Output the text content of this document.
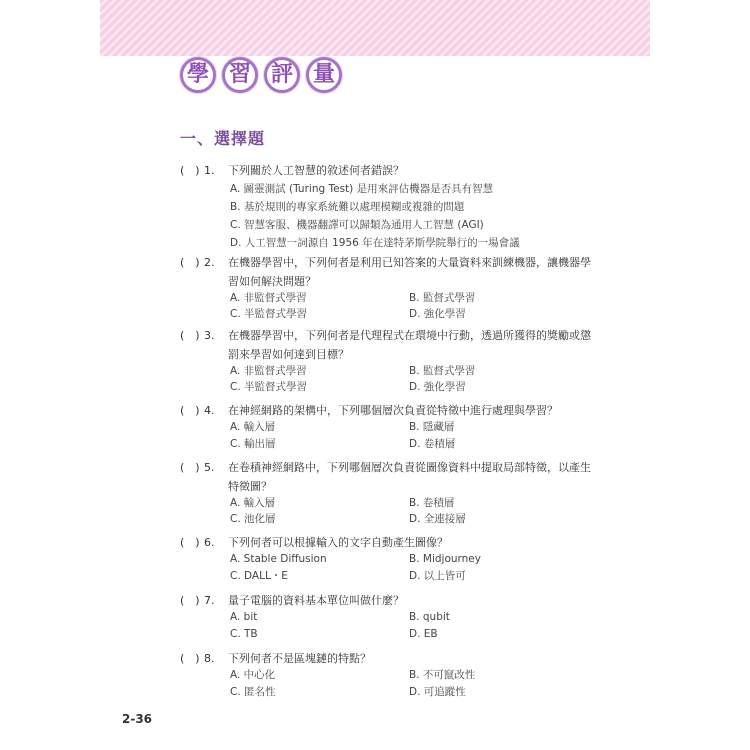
學 習 評 量
一、選擇題
(　) 1. 下列關於人工智慧的敘述何者錯誤？
A. 圖靈測試 (Turing Test) 是用來評估機器是否具有智慧
B. 基於規則的專家系統難以處理模糊或複雜的問題
C. 智慧客服、機器翻譯可以歸類為通用人工智慧 (AGI)
D. 人工智慧一詞源自 1956 年在達特茅斯學院舉行的一場會議
(　) 2. 在機器學習中，下列何者是利用已知答案的大量資料來訓練機器，讓機器學習如何解決問題？
A. 非監督式學習	B. 監督式學習
C. 半監督式學習	D. 強化學習
(　) 3. 在機器學習中，下列何者是代理程式在環境中行動，透過所獲得的獎勵或懲罰來學習如何達到目標？
A. 非監督式學習	B. 監督式學習
C. 半監督式學習	D. 強化學習
(　) 4. 在神經網路的架構中，下列哪個層次負責從特徵中進行處理與學習？
A. 輸入層	B. 隱藏層
C. 輸出層	D. 卷積層
(　) 5. 在卷積神經網路中，下列哪個層次負責從圖像資料中提取局部特徵，以產生特徵圖？
A. 輸入層	B. 卷積層
C. 池化層	D. 全連接層
(　) 6. 下列何者可以根據輸入的文字自動產生圖像？
A. Stable Diffusion	B. Midjourney
C. DALL・E	D. 以上皆可
(　) 7. 量子電腦的資料基本單位叫做什麼？
A. bit	B. qubit
C. TB	D. EB
(　) 8. 下列何者不是區塊鏈的特點？
A. 中心化	B. 不可竄改性
C. 匿名性	D. 可追蹤性
2-36
